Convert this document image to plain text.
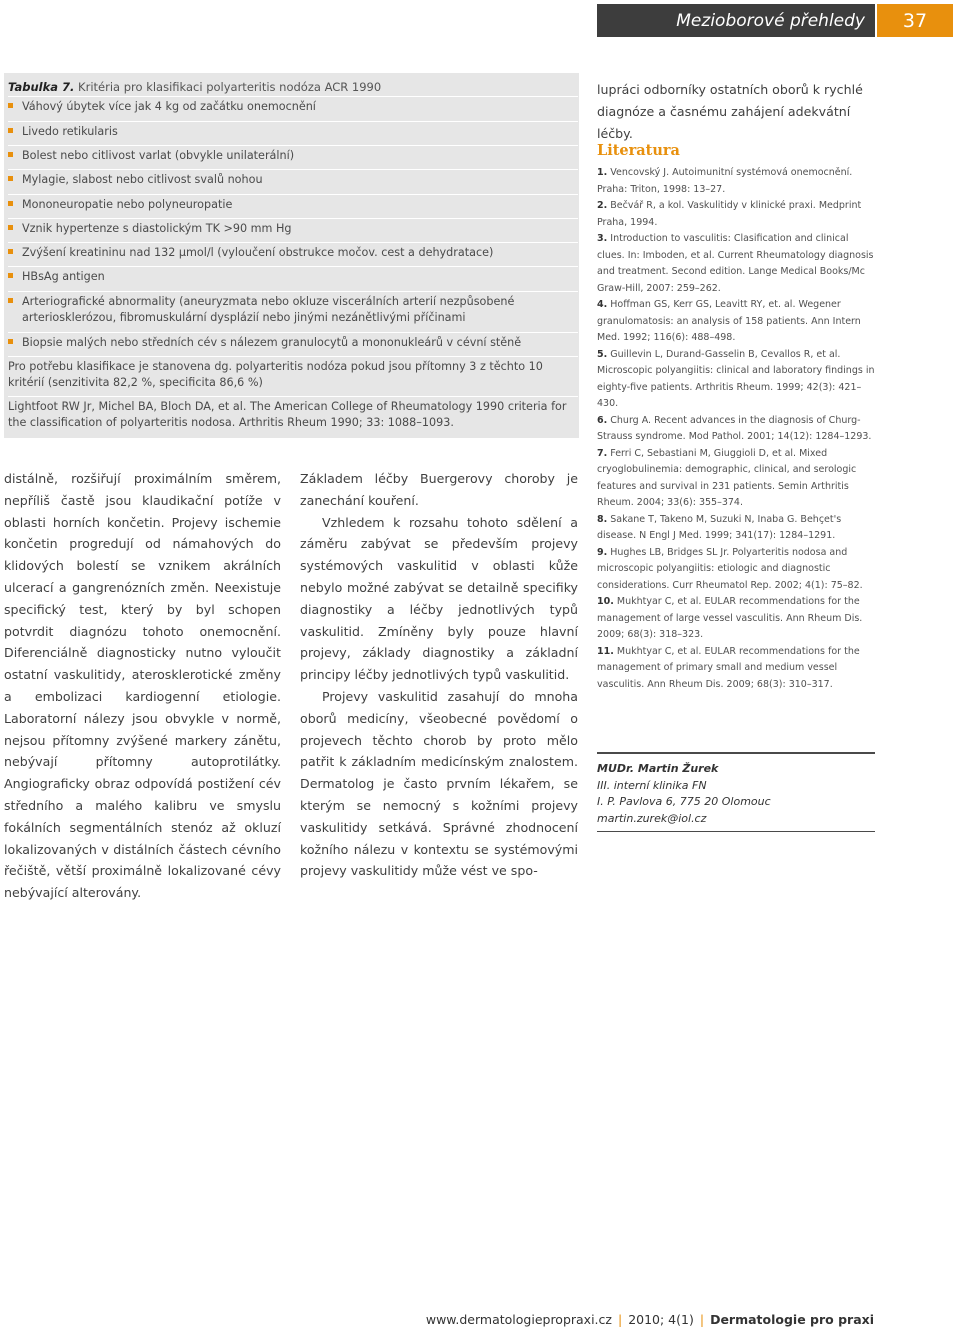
Mezioborové přehledy	37
Tabulka 7. Kritéria pro klasifikaci polyarteritis nodóza ACR 1990
Váhový úbytek více jak 4 kg od začátku onemocnění
Livedo retikularis
Bolest nebo citlivost varlat (obvykle unilaterální)
Mylagie, slabost nebo citlivost svalů nohou
Mononeuropatie nebo polyneuropatie
Vznik hypertenze s diastolickým TK >90 mm Hg
Zvýšení kreatininu nad 132 µmol/l (vyloučení obstrukce močov. cest a dehydratace)
HBsAg antigen
Arteriografické abnormality (aneuryzmata nebo okluze viscerálních arterií nezpůsobené arteriosklerózou, fibromuskulární dysplázií nebo jinými nezánětlivými příčinami
Biopsie malých nebo středních cév s nálezem granulocytů a mononukleárů v cévní stěně
Pro potřebu klasifikace je stanovena dg. polyarteritis nodóza pokud jsou přítomny 3 z těchto 10 kritérií (senzitivita 82,2 %, specificita 86,6 %)
Lightfoot RW Jr, Michel BA, Bloch DA, et al. The American College of Rheumatology 1990 criteria for the classification of polyarteritis nodosa. Arthritis Rheum 1990; 33: 1088–1093.

distálně, rozšiřují proximálním směrem, nepříliš častě jsou klaudikační potíže v oblasti horních končetin. Projevy ischemie končetin progredují od námahových do klidových bolestí se vznikem akrálních ulcerací a gangrenózních změn. Neexistuje specifický test, který by byl schopen potvrdit diagnózu tohoto onemocnění. Diferenciálně diagnosticky nutno vyloučit ostatní vaskulitidy, aterosklerotické změny a embolizaci kardiogenní etiologie. Laboratorní nálezy jsou obvykle v normě, nejsou přítomny zvýšené markery zánětu, nebývají přítomny autoprotilátky. Angiograficky obraz odpovídá postižení cév středního a malého kalibru ve smyslu fokálních segmentálních stenóz až okluzí lokalizovaných v distálních částech cévního řečiště, větší proximálně lokalizované cévy nebývající alterovány.

Základem léčby Buergerovy choroby je zanechání kouření.

Vzhledem k rozsahu tohoto sdělení a záměru zabývat se především projevy systémových vaskulitid v oblasti kůže nebylo možné zabývat se detailně specifiky diagnostiky a léčby jednotlivých typů vaskulitid. Zmíněny byly pouze hlavní projevy, základy diagnostiky a základní principy léčby jednotlivých typů vaskulitid.

Projevy vaskulitid zasahují do mnoha oborů medicíny, všeobecné povědomí o projevech těchto chorob by proto mělo patřit k základním medicínským znalostem. Dermatolog je často prvním lékařem, se kterým se nemocný s kožními projevy vaskulitidy setkává. Správné zhodnocení kožního nálezu v kontextu se systémovými projevy vaskulitidy může vést ve spo-

lupráci odborníky ostatních oborů k rychlé diagnóze a časnému zahájení adekvátní léčby.
Literatura
1. Vencovský J. Autoimunitní systémová onemocnění. Praha: Triton, 1998: 13–27.
2. Bečvář R, a kol. Vaskulitidy v klinické praxi. Medprint Praha, 1994.
3. Introduction to vasculitis: Clasification and clinical clues. In: Imboden, et al. Current Rheumatology diagnosis and treatment. Second edition. Lange Medical Books/Mc Graw-Hill, 2007: 259–262.
4. Hoffman GS, Kerr GS, Leavitt RY, et. al. Wegener granulomatosis: an analysis of 158 patients. Ann Intern Med. 1992; 116(6): 488–498.
5. Guillevin L, Durand-Gasselin B, Cevallos R, et al. Microscopic polyangiitis: clinical and laboratory findings in eighty-five patients. Arthritis Rheum. 1999; 42(3): 421–430.
6. Churg A. Recent advances in the diagnosis of Churg-Strauss syndrome. Mod Pathol. 2001; 14(12): 1284–1293.
7. Ferri C, Sebastiani M, Giuggioli D, et al. Mixed cryoglobulinemia: demographic, clinical, and serologic features and survival in 231 patients. Semin Arthritis Rheum. 2004; 33(6): 355–374.
8. Sakane T, Takeno M, Suzuki N, Inaba G. Behçet's disease. N Engl J Med. 1999; 341(17): 1284–1291.
9. Hughes LB, Bridges SL Jr. Polyarteritis nodosa and microscopic polyangiitis: etiologic and diagnostic considerations. Curr Rheumatol Rep. 2002; 4(1): 75–82.
10. Mukhtyar C, et al. EULAR recommendations for the management of large vessel vasculitis. Ann Rheum Dis. 2009; 68(3): 318–323.
11. Mukhtyar C, et al. EULAR recommendations for the management of primary small and medium vessel vasculitis. Ann Rheum Dis. 2009; 68(3): 310–317.
MUDr. Martin Žurek
III. interní klinika FN
I. P. Pavlova 6, 775 20 Olomouc
martin.zurek@iol.cz
www.dermatologiepropraxi.cz | 2010; 4(1) | Dermatologie pro praxi
